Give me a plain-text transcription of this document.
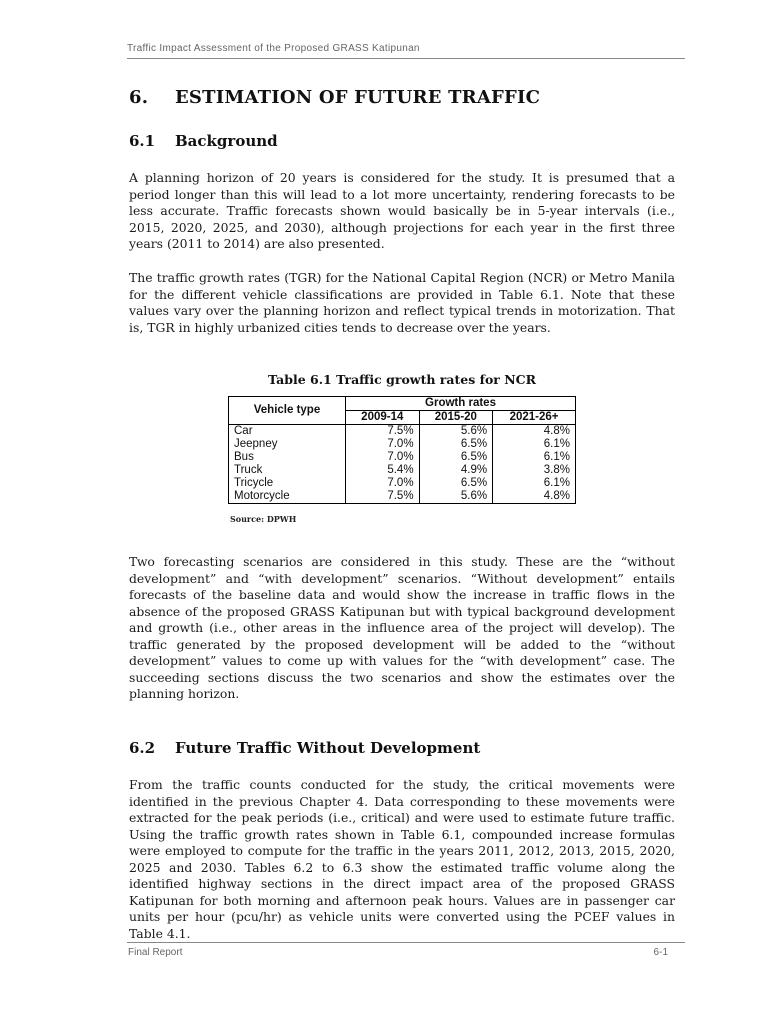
Traffic Impact Assessment of the Proposed GRASS Katipunan
6. ESTIMATION OF FUTURE TRAFFIC
6.1 Background

A planning horizon of 20 years is considered for the study. It is presumed that a period longer than this will lead to a lot more uncertainty, rendering forecasts to be less accurate. Traffic forecasts shown would basically be in 5-year intervals (i.e., 2015, 2020, 2025, and 2030), although projections for each year in the first three years (2011 to 2014) are also presented.

The traffic growth rates (TGR) for the National Capital Region (NCR) or Metro Manila for the different vehicle classifications are provided in Table 6.1. Note that these values vary over the planning horizon and reflect typical trends in motorization. That is, TGR in highly urbanized cities tends to decrease over the years.

Table 6.1 Traffic growth rates for NCR
Vehicle type	Growth rates		
	2009-14	2015-20	2021-26+
Car	7.5%	5.6%	4.8%
Jeepney	7.0%	6.5%	6.1%
Bus	7.0%	6.5%	6.1%
Truck	5.4%	4.9%	3.8%
Tricycle	7.0%	6.5%	6.1%
Motorcycle	7.5%	5.6%	4.8%
Source: DPWH

Two forecasting scenarios are considered in this study. These are the “without development” and “with development” scenarios. “Without development” entails forecasts of the baseline data and would show the increase in traffic flows in the absence of the proposed GRASS Katipunan but with typical background development and growth (i.e., other areas in the influence area of the project will develop). The traffic generated by the proposed development will be added to the “without development” values to come up with values for the “with development” case. The succeeding sections discuss the two scenarios and show the estimates over the planning horizon.

6.2 Future Traffic Without Development

From the traffic counts conducted for the study, the critical movements were identified in the previous Chapter 4. Data corresponding to these movements were extracted for the peak periods (i.e., critical) and were used to estimate future traffic. Using the traffic growth rates shown in Table 6.1, compounded increase formulas were employed to compute for the traffic in the years 2011, 2012, 2013, 2015, 2020, 2025 and 2030. Tables 6.2 to 6.3 show the estimated traffic volume along the identified highway sections in the direct impact area of the proposed GRASS Katipunan for both morning and afternoon peak hours. Values are in passenger car units per hour (pcu/hr) as vehicle units were converted using the PCEF values in Table 4.1.

Final Report	6-1
